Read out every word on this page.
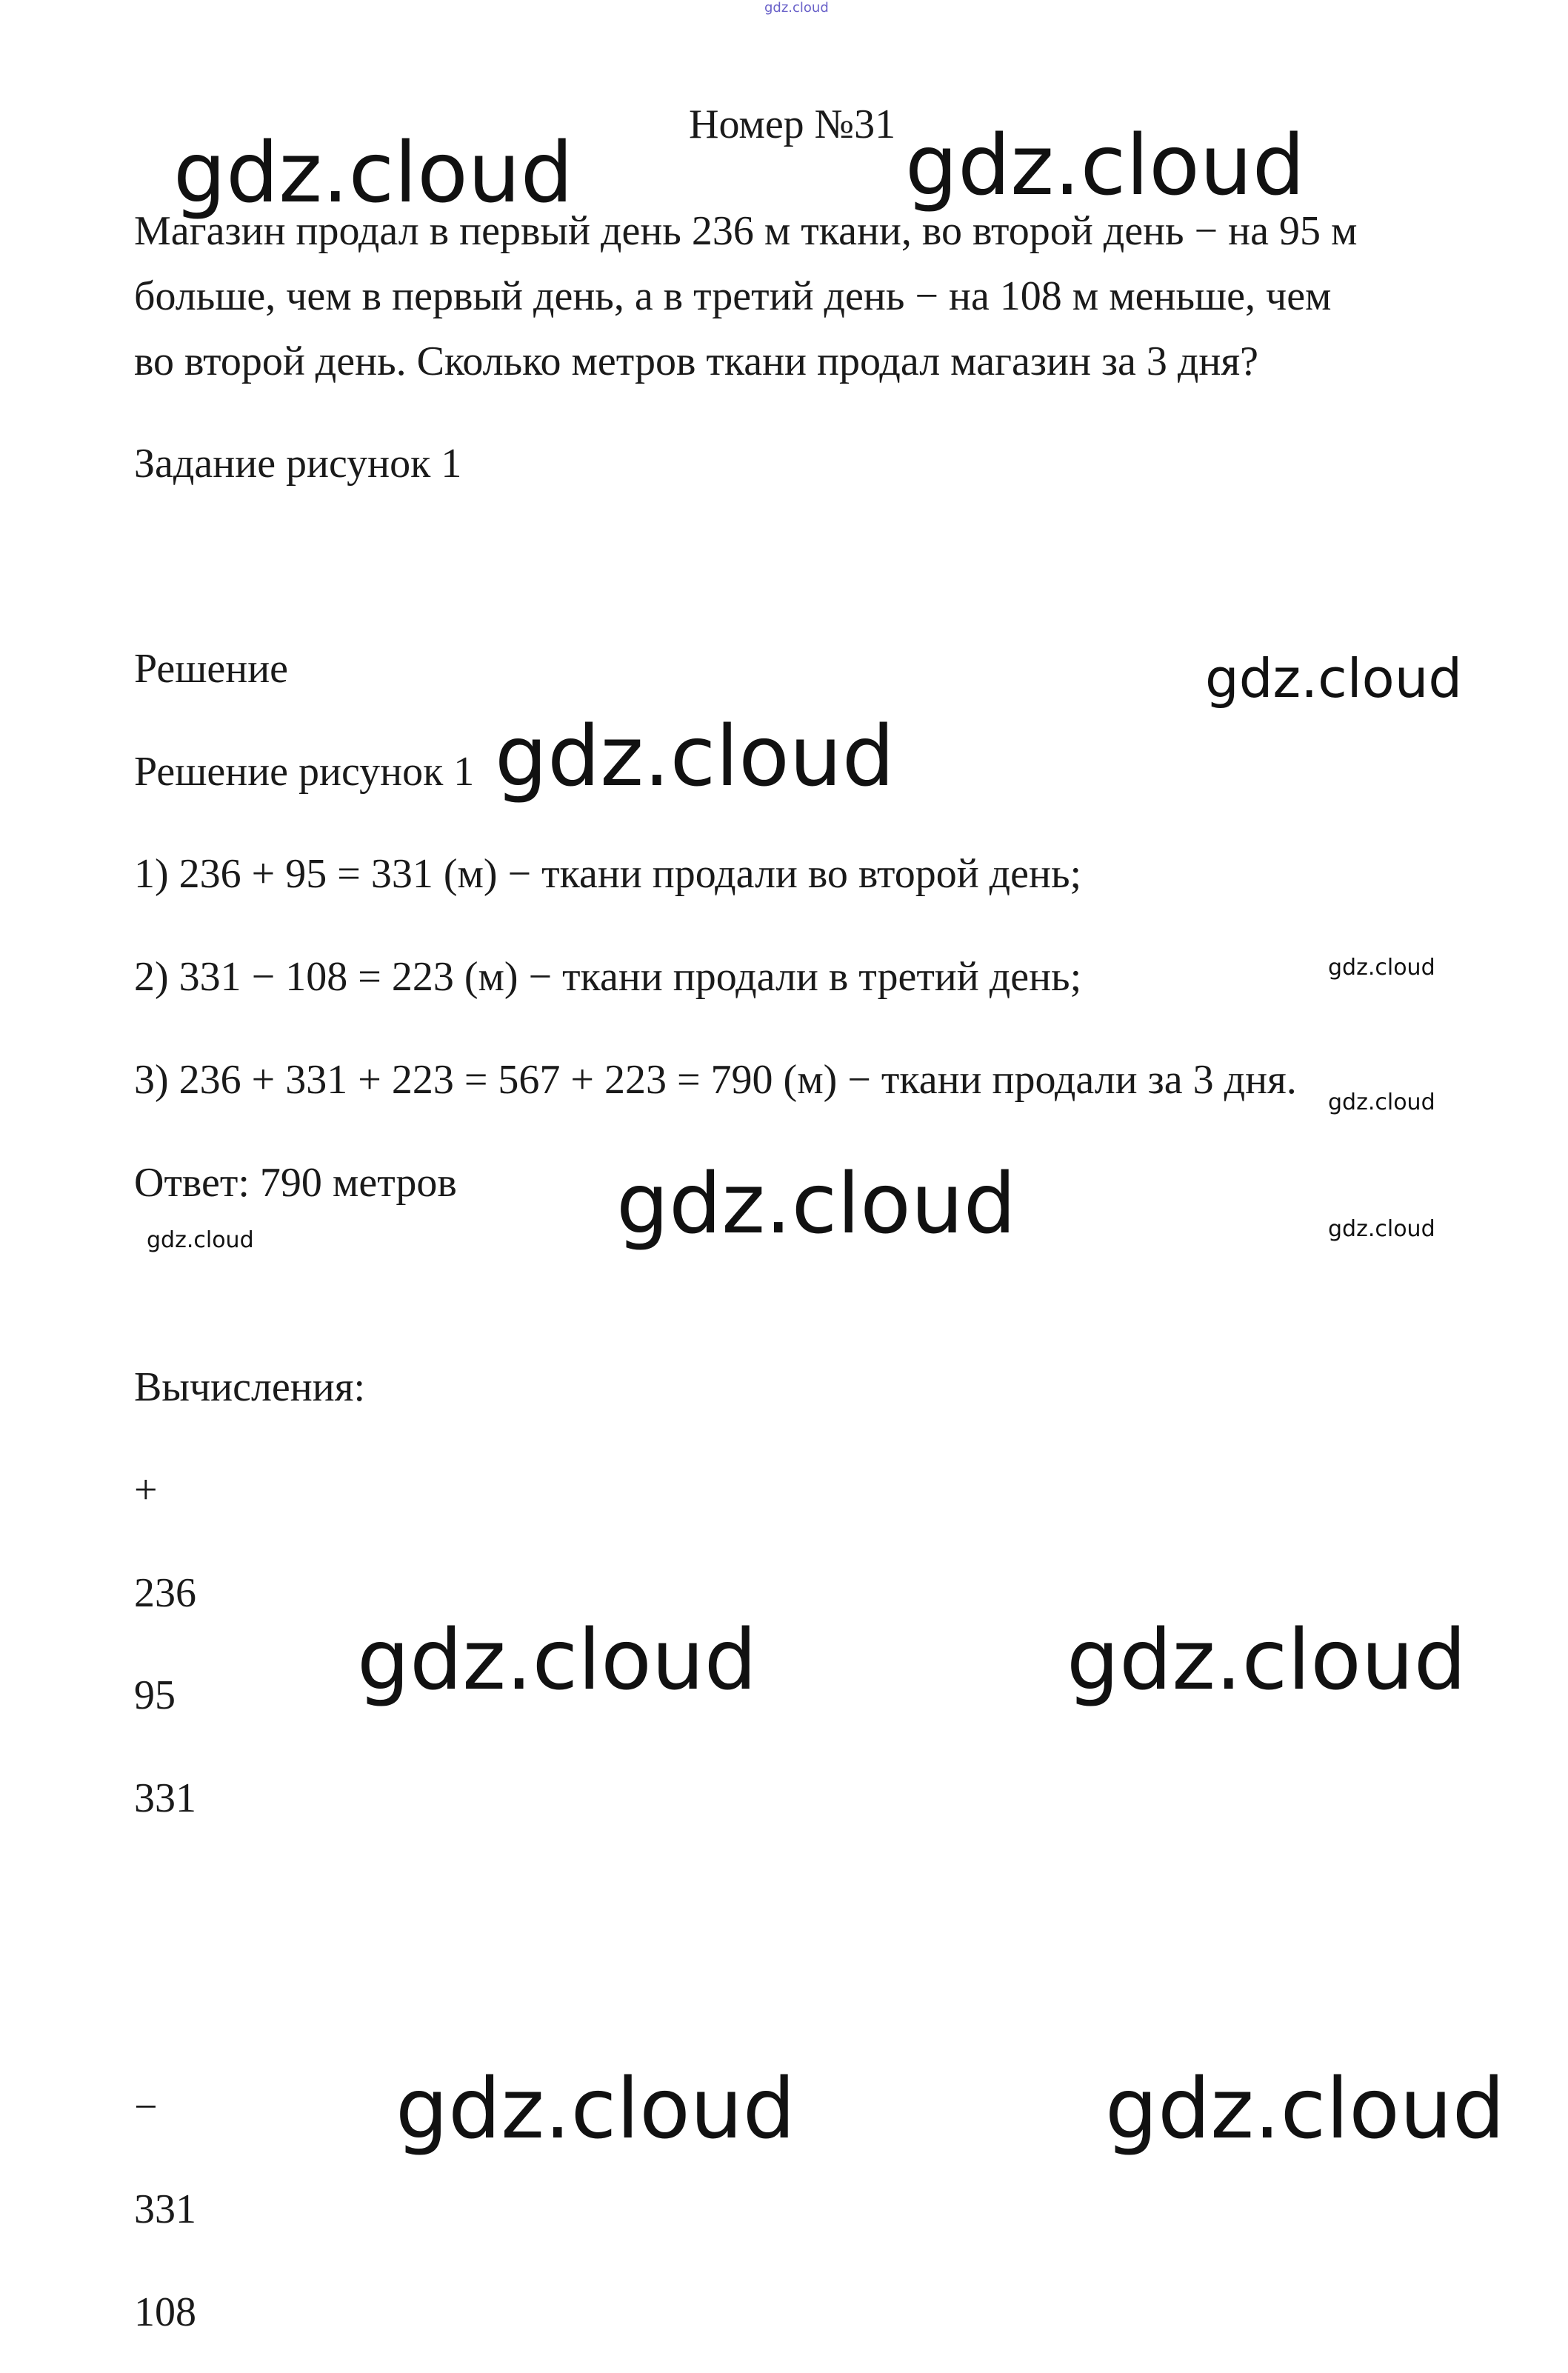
gdz.cloud
Номер №31
Магазин продал в первый день 236 м ткани, во второй день − на 95 м
больше, чем в первый день, а в третий день − на 108 м меньше, чем
во второй день. Сколько метров ткани продал магазин за 3 дня?
Задание рисунок 1
Решение
Решение рисунок 1
1) 236 + 95 = 331 (м) − ткани продали во второй день;
2) 331 − 108 = 223 (м) − ткани продали в третий день;
3) 236 + 331 + 223 = 567 + 223 = 790 (м) − ткани продали за 3 дня.
Ответ: 790 метров
Вычисления:
+
236
95
331
−
331
108
gdz.cloud	gdz.cloud
gdz.cloud
gdz.cloud
gdz.cloud
gdz.cloud
gdz.cloud
gdz.cloud	gdz.cloud
gdz.cloud	gdz.cloud
gdz.cloud	gdz.cloud
